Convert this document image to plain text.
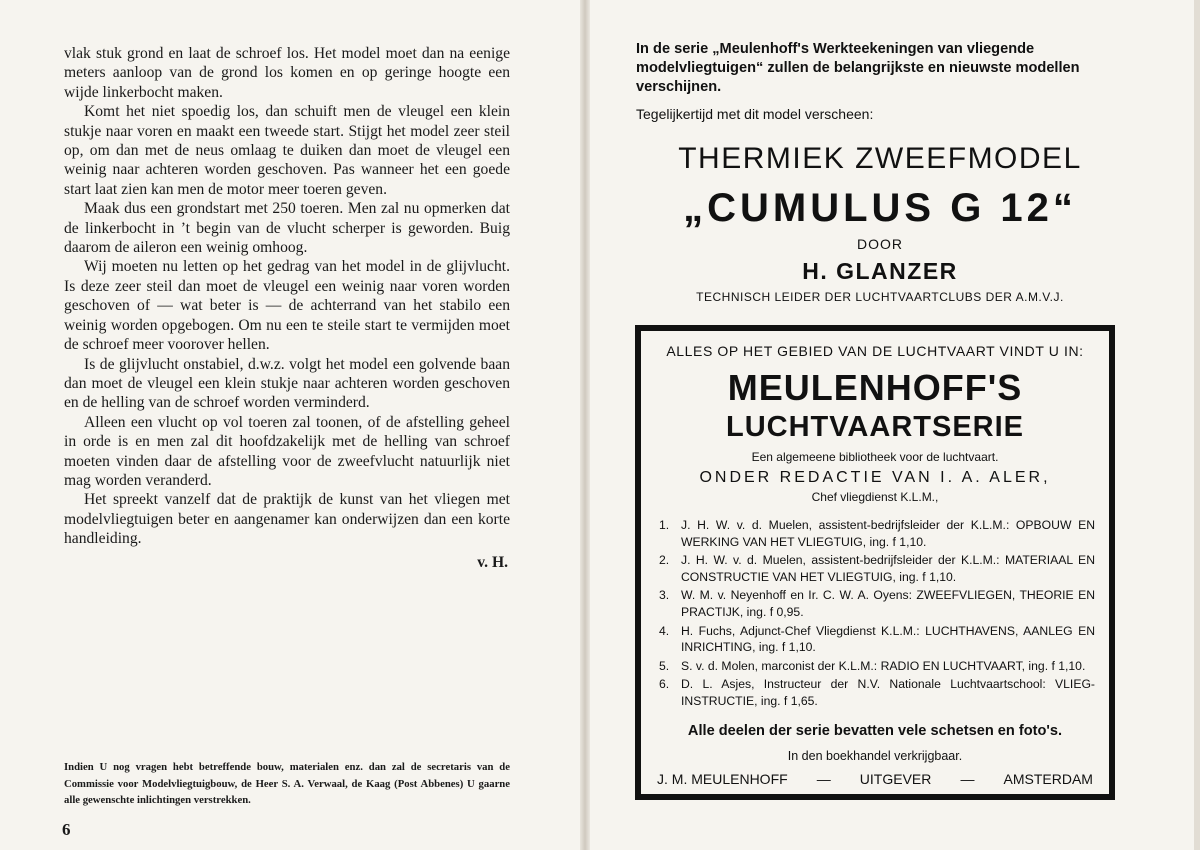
vlak stuk grond en laat de schroef los. Het model moet dan na eenige meters aanloop van de grond los komen en op geringe hoogte een wijde linkerbocht maken.

Komt het niet spoedig los, dan schuift men de vleugel een klein stukje naar voren en maakt een tweede start. Stijgt het model zeer steil op, om dan met de neus omlaag te duiken dan moet de vleugel een weinig naar achteren worden geschoven. Pas wanneer het een goede start laat zien kan men de motor meer toeren geven.

Maak dus een grondstart met 250 toeren. Men zal nu opmerken dat de linkerbocht in ’t begin van de vlucht scherper is geworden. Buig daarom de aileron een weinig omhoog.

Wij moeten nu letten op het gedrag van het model in de glijvlucht. Is deze zeer steil dan moet de vleugel een weinig naar voren worden geschoven of — wat beter is — de achterrand van het stabilo een weinig worden opgebogen. Om nu een te steile start te vermijden moet de schroef meer voorover hellen.

Is de glijvlucht onstabiel, d.w.z. volgt het model een golvende baan dan moet de vleugel een klein stukje naar achteren worden geschoven en de helling van de schroef worden verminderd.

Alleen een vlucht op vol toeren zal toonen, of de afstelling geheel in orde is en men zal dit hoofdzakelijk met de helling van schroef moeten vinden daar de afstelling voor de zweefvlucht natuurlijk niet mag worden veranderd.

Het spreekt vanzelf dat de praktijk de kunst van het vliegen met modelvliegtuigen beter en aangenamer kan onderwijzen dan een korte handleiding.

v. H.
Indien U nog vragen hebt betreffende bouw, materialen enz. dan zal de secretaris van de Commissie voor Modelvliegtuigbouw, de Heer S. A. Verwaal, de Kaag (Post Abbenes) U gaarne alle gewenschte inlichtingen verstrekken.
6
In de serie „Meulenhoff's Werkteekeningen van vliegende modelvliegtuigen“ zullen de belangrijkste en nieuwste modellen verschijnen.
Tegelijkertijd met dit model verscheen:
THERMIEK ZWEEFMODEL
„CUMULUS G 12“
DOOR
H. GLANZER
TECHNISCH LEIDER DER LUCHTVAARTCLUBS DER A.M.V.J.
ALLES OP HET GEBIED VAN DE LUCHTVAART VINDT U IN:
MEULENHOFF'S
LUCHTVAARTSERIE
Een algemeene bibliotheek voor de luchtvaart.
ONDER REDACTIE VAN I. A. ALER,
Chef vliegdienst K.L.M.,
1. J. H. W. v. d. Muelen, assistent-bedrijfsleider der K.L.M.: OPBOUW EN WERKING VAN HET VLIEGTUIG, ing. f 1,10.
2. J. H. W. v. d. Muelen, assistent-bedrijfsleider der K.L.M.: MATERIAAL EN CONSTRUCTIE VAN HET VLIEGTUIG, ing. f 1,10.
3. W. M. v. Neyenhoff en Ir. C. W. A. Oyens: ZWEEFVLIEGEN, THEORIE EN PRACTIJK, ing. f 0,95.
4. H. Fuchs, Adjunct-Chef Vliegdienst K.L.M.: LUCHTHAVENS, AANLEG EN INRICHTING, ing. f 1,10.
5. S. v. d. Molen, marconist der K.L.M.: RADIO EN LUCHTVAART, ing. f 1,10.
6. D. L. Asjes, Instructeur der N.V. Nationale Luchtvaartschool: VLIEG-INSTRUCTIE, ing. f 1,65.
Alle deelen der serie bevatten vele schetsen en foto's.
In den boekhandel verkrijgbaar.
J. M. MEULENHOFF — UITGEVER — AMSTERDAM
